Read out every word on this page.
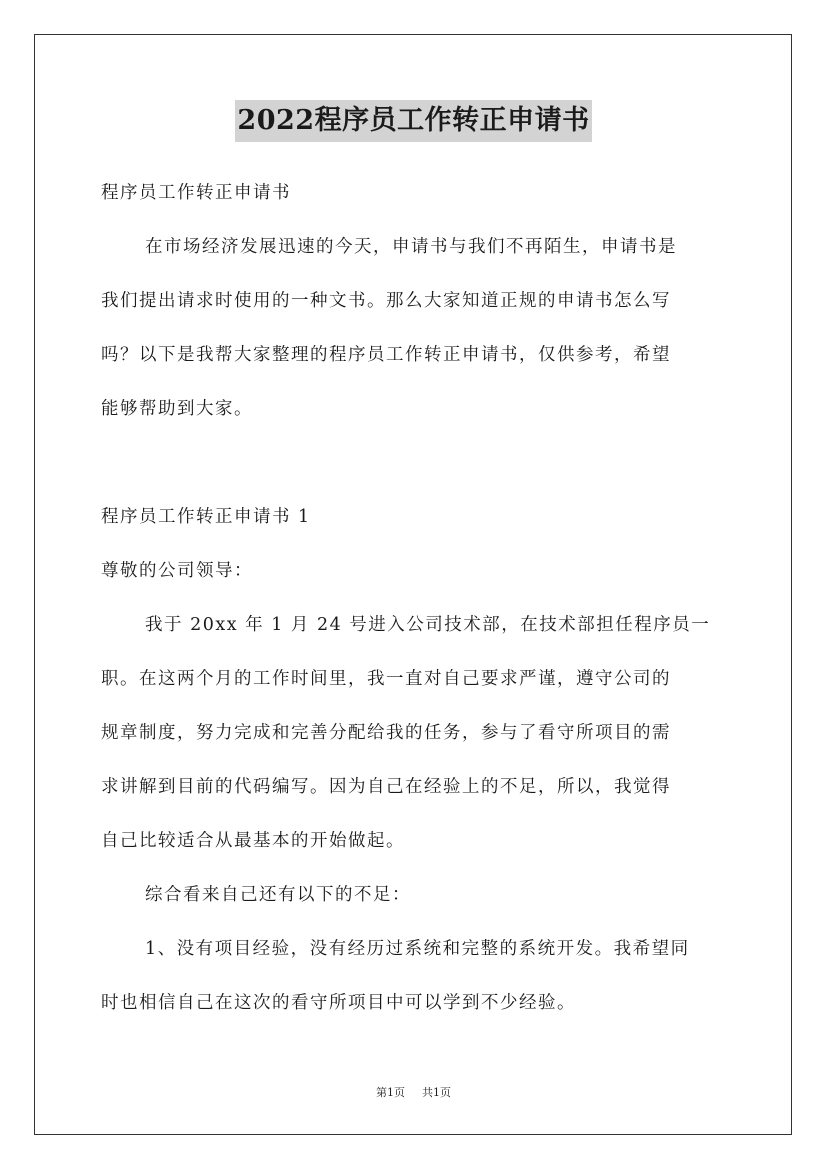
2022程序员工作转正申请书
程序员工作转正申请书
在市场经济发展迅速的今天，申请书与我们不再陌生，申请书是
我们提出请求时使用的一种文书。那么大家知道正规的申请书怎么写
吗？以下是我帮大家整理的程序员工作转正申请书，仅供参考，希望
能够帮助到大家。
程序员工作转正申请书 1
尊敬的公司领导：
我于 20xx 年 1 月 24 号进入公司技术部，在技术部担任程序员一
职。在这两个月的工作时间里，我一直对自己要求严谨，遵守公司的
规章制度，努力完成和完善分配给我的任务，参与了看守所项目的需
求讲解到目前的代码编写。因为自己在经验上的不足，所以，我觉得
自己比较适合从最基本的开始做起。
综合看来自己还有以下的不足：
1、没有项目经验，没有经历过系统和完整的系统开发。我希望同
时也相信自己在这次的看守所项目中可以学到不少经验。
第1页 共1页
